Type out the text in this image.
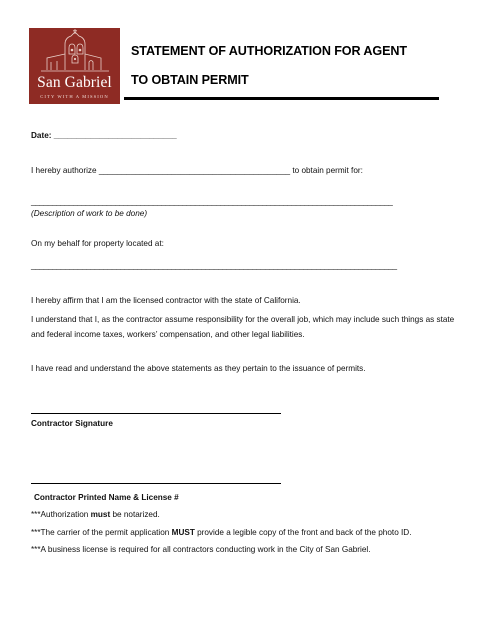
San Gabriel
CITY WITH A MISSION
STATEMENT OF AUTHORIZATION FOR AGENT
TO OBTAIN PERMIT
Date: ___________________________
I hereby authorize __________________________________________ to obtain permit for:
______________________________________________________________________________________
(Description of work to be done)
On my behalf for property located at:
______________________________________________________________________________________
I hereby affirm that I am the licensed contractor with the state of California.
I understand that I, as the contractor assume responsibility for the overall job, which may include such things as state and federal income taxes, workers’ compensation, and other legal liabilities.
I have read and understand the above statements as they pertain to the issuance of permits.
Contractor Signature
Contractor Printed Name & License #
***Authorization must be notarized.
***The carrier of the permit application MUST provide a legible copy of the front and back of the photo ID.
***A business license is required for all contractors conducting work in the City of San Gabriel.
